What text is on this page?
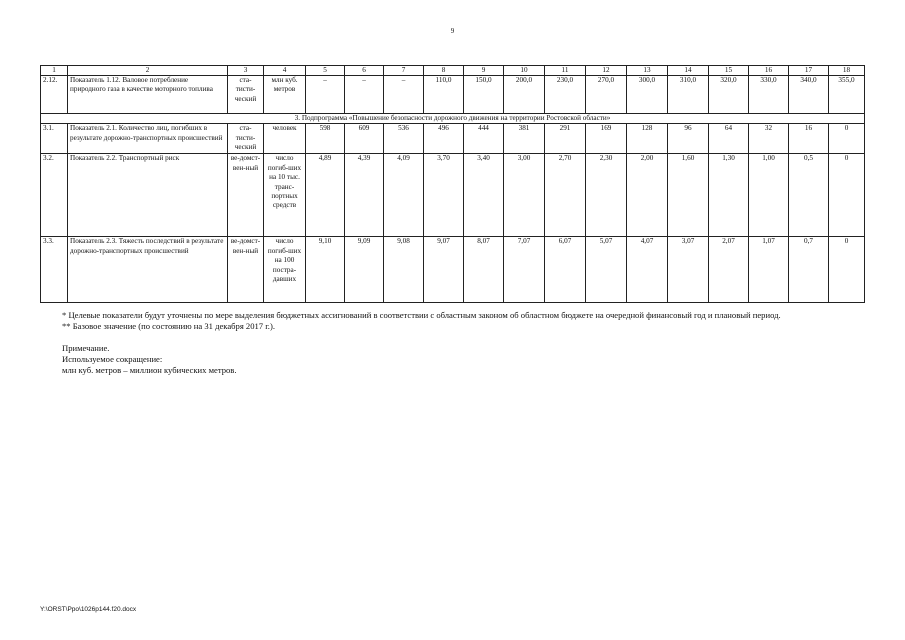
9
1	2	3	4	5	6	7	8	9	10	11	12	13	14	15	16	17	18
2.12.	Показатель 1.12. Валовое потребление природного газа в качестве моторного топлива	ста-тисти-ческий	млн куб. метров	–	–	–	110,0	150,0	200,0	230,0	270,0	300,0	310,0	320,0	330,0	340,0	355,0
3. Подпрограмма «Повышение безопасности дорожного движения на территории Ростовской области»																	
3.1.	Показатель 2.1. Количество лиц, погибших в результате дорожно-транспортных происшествий	ста-тисти-ческий	человек	598	609	536	496	444	381	291	169	128	96	64	32	16	0
3.2.	Показатель 2.2. Транспортный риск	ве-домст-вен-ный	число погиб-ших на 10 тыс. транс-портных средств	4,89	4,39	4,09	3,70	3,40	3,00	2,70	2,30	2,00	1,60	1,30	1,00	0,5	0
3.3.	Показатель 2.3. Тяжесть последствий в результате дорожно-транспортных происшествий	ве-домст-вен-ный	число погиб-ших на 100 постра-давших	9,10	9,09	9,08	9,07	8,07	7,07	6,07	5,07	4,07	3,07	2,07	1,07	0,7	0

* Целевые показатели будут уточнены по мере выделения бюджетных ассигнований в соответствии с областным законом об областном бюджете на очередной финансовый год и плановый период.

** Базовое значение (по состоянию на 31 декабря 2017 г.).

Примечание.

Используемое сокращение:

млн куб. метров – миллион кубических метров.

Y:\ORST\Ppo\1026p144.f20.docx
